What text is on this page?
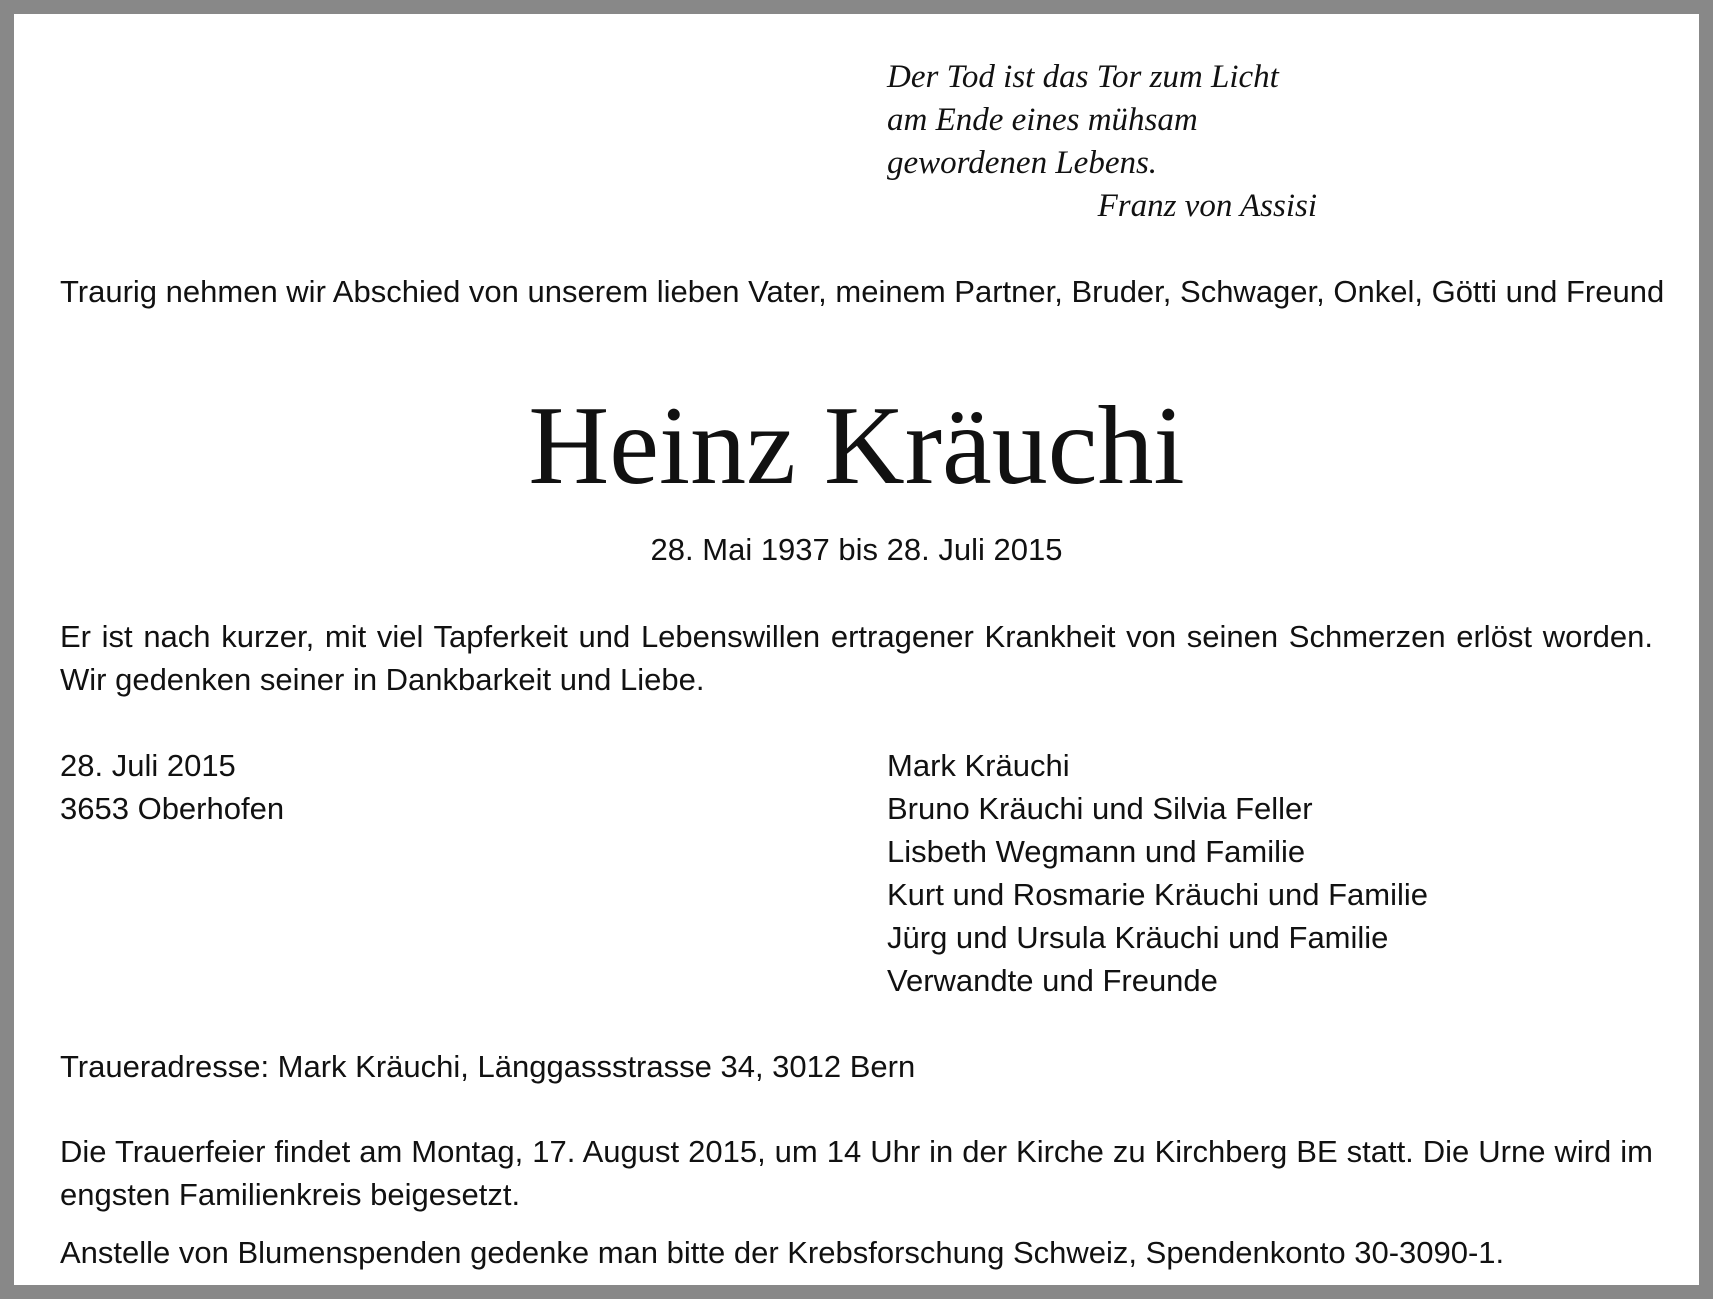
Der Tod ist das Tor zum Licht
am Ende eines mühsam
gewordenen Lebens.
Franz von Assisi
Traurig nehmen wir Abschied von unserem lieben Vater, meinem Partner, Bruder, Schwager, Onkel, Götti und Freund
Heinz Kräuchi
28. Mai 1937 bis 28. Juli 2015
Er ist nach kurzer, mit viel Tapferkeit und Lebenswillen ertragener Krankheit von seinen Schmerzen erlöst worden. Wir gedenken seiner in Dankbarkeit und Liebe.
28. Juli 2015
3653 Oberhofen
Mark Kräuchi
Bruno Kräuchi und Silvia Feller
Lisbeth Wegmann und Familie
Kurt und Rosmarie Kräuchi und Familie
Jürg und Ursula Kräuchi und Familie
Verwandte und Freunde
Traueradresse: Mark Kräuchi, Länggassstrasse 34, 3012 Bern
Die Trauerfeier findet am Montag, 17. August 2015, um 14 Uhr in der Kirche zu Kirchberg BE statt. Die Urne wird im engsten Familienkreis beigesetzt.
Anstelle von Blumenspenden gedenke man bitte der Krebsforschung Schweiz, Spendenkonto 30-3090-1.
